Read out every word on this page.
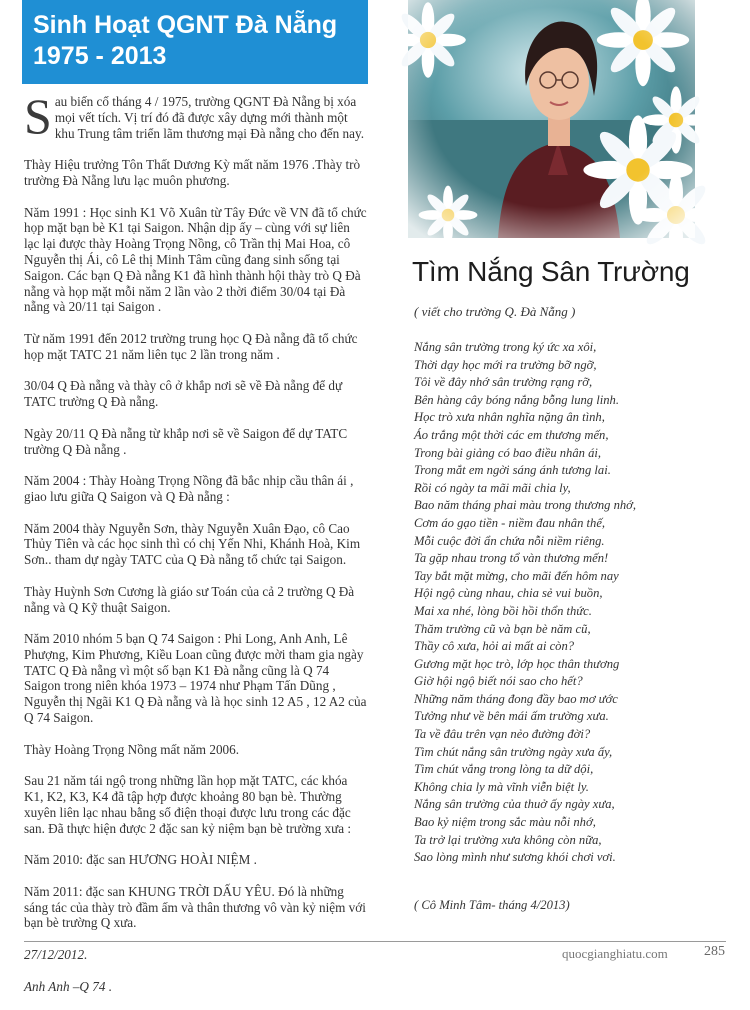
Sinh Hoạt QGNT Đà Nẵng
1975 - 2013

S au biến cố tháng 4 / 1975, trường QGNT Đà Nẵng bị xóa mọi vết tích. Vị trí đó đã được xây dựng mới thành một khu Trung tâm triển lãm thương mại Đà nẵng cho đến nay.

Thày Hiệu trưởng Tôn Thất Dương Kỳ mất năm 1976 .Thày trò trường Đà Nẵng lưu lạc muôn phương.

Năm 1991 : Học sinh K1 Võ Xuân từ Tây Đức về VN đã tổ chức họp mặt bạn bè K1 tại Saigon. Nhận dịp ấy – cùng với sự liên lạc lại được thày Hoàng Trọng Nồng, cô Trần thị Mai Hoa, cô Nguyễn thị Ái, cô Lê thị Minh Tâm cũng đang sinh sống tại Saigon. Các bạn Q Đà nẵng K1 đã hình thành hội thày trò Q Đà nẵng và họp mặt mỗi năm 2 lần vào 2 thời điểm 30/04 tại Đà nẵng và 20/11 tại Saigon .

Từ năm 1991 đến 2012 trường trung học Q Đà nẵng đã tổ chức họp mặt TATC 21 năm liên tục 2 lần trong năm .

30/04 Q Đà nẵng và thày cô ở khắp nơi sẽ về Đà nẵng để dự TATC trường Q Đà nẵng.

Ngày 20/11 Q Đà nẵng từ khắp nơi sẽ về Saigon để dự TATC trường Q Đà nẵng .

Năm 2004 : Thày Hoàng Trọng Nồng đã bắc nhịp cầu thân ái , giao lưu giữa Q Saigon và Q Đà nẵng :

Năm 2004 thày Nguyễn Sơn, thày Nguyễn Xuân Đạo, cô Cao Thủy Tiên và các học sinh thì có chị Yến Nhi, Khánh Hoà, Kim Sơn.. tham dự ngày TATC của Q Đà nẵng tổ chức tại Saigon.

Thày Huỳnh Sơn Cương là giáo sư Toán của cả 2 trường Q Đà nẵng và Q Kỹ thuật Saigon.

Năm 2010 nhóm 5 bạn Q 74 Saigon : Phi Long, Anh Anh, Lê Phượng, Kim Phương, Kiều Loan cũng được mời tham gia ngày TATC Q Đà nẵng vì một số bạn K1 Đà nẵng cũng là Q 74 Saigon trong niên khóa 1973 – 1974 như Phạm Tấn Dũng , Nguyễn thị Ngãi K1 Q Đà nẵng và là học sinh 12 A5 , 12 A2 của Q 74 Saigon.

Thày Hoàng Trọng Nồng mất năm 2006.

Sau 21 năm tái ngộ trong những lần họp mặt TATC, các khóa K1, K2, K3, K4 đã tập hợp được khoảng 80 bạn bè. Thường xuyên liên lạc nhau bằng số điện thoại được lưu trong các đặc san. Đã thực hiện được 2 đặc san kỷ niệm bạn bè trường xưa :

Năm 2010: đặc san HƯƠNG HOÀI NIỆM .

Năm 2011: đặc san KHUNG TRỜI DẤU YÊU. Đó là những sáng tác của thày trò đầm ấm và thân thương vô vàn kỷ niệm với bạn bè trường Q xưa.

27/12/2012.

Anh Anh –Q 74 .

Tìm Nắng Sân Trường
( viết cho trường Q. Đà Nẵng )
Nắng sân trường trong ký ức xa xôi,
Thời dạy học mới ra trường bỡ ngỡ,
Tôi về đây nhớ sân trường rạng rỡ,
Bên hàng cây bóng nắng bỗng lung linh.
Học trò xưa nhân nghĩa nặng ân tình,
Áo trắng một thời các em thương mến,
Trong bài giảng có bao điều nhân ái,
Trong mắt em ngời sáng ánh tương lai.
Rồi có ngày ta mãi mãi chia ly,
Bao năm tháng phai màu trong thương nhớ,
Cơm áo gạo tiền - niềm đau nhân thế,
Mỗi cuộc đời ẩn chứa nỗi niềm riêng.
Ta gặp nhau trong tổ vàn thương mến!
Tay bắt mặt mừng, cho mãi đến hôm nay
Hội ngộ cùng nhau, chia sẻ vui buồn,
Mai xa nhé, lòng bồi hồi thổn thức.
Thăm trường cũ và bạn bè năm cũ,
Thầy cô xưa, hỏi ai mất ai còn?
Gương mặt học trò, lớp học thân thương
Giờ hội ngộ biết nói sao cho hết?
Những năm tháng đong đầy bao mơ ước
Tưởng như về bên mái ấm trường xưa.
Ta về đâu trên vạn nẻo đường đời?
Tìm chút nắng sân trường ngày xưa ấy,
Tìm chút vắng trong lòng ta dữ dội,
Không chia ly mà vĩnh viễn biệt ly.
Nắng sân trường của thuở ấy ngày xưa,
Bao kỷ niệm trong sắc màu nỗi nhớ,
Ta trở lại trường xưa không còn nữa,
Sao lòng mình như sương khói chơi vơi.
( Cô Minh Tâm- tháng 4/2013)
quocgianghiatu.com	285
